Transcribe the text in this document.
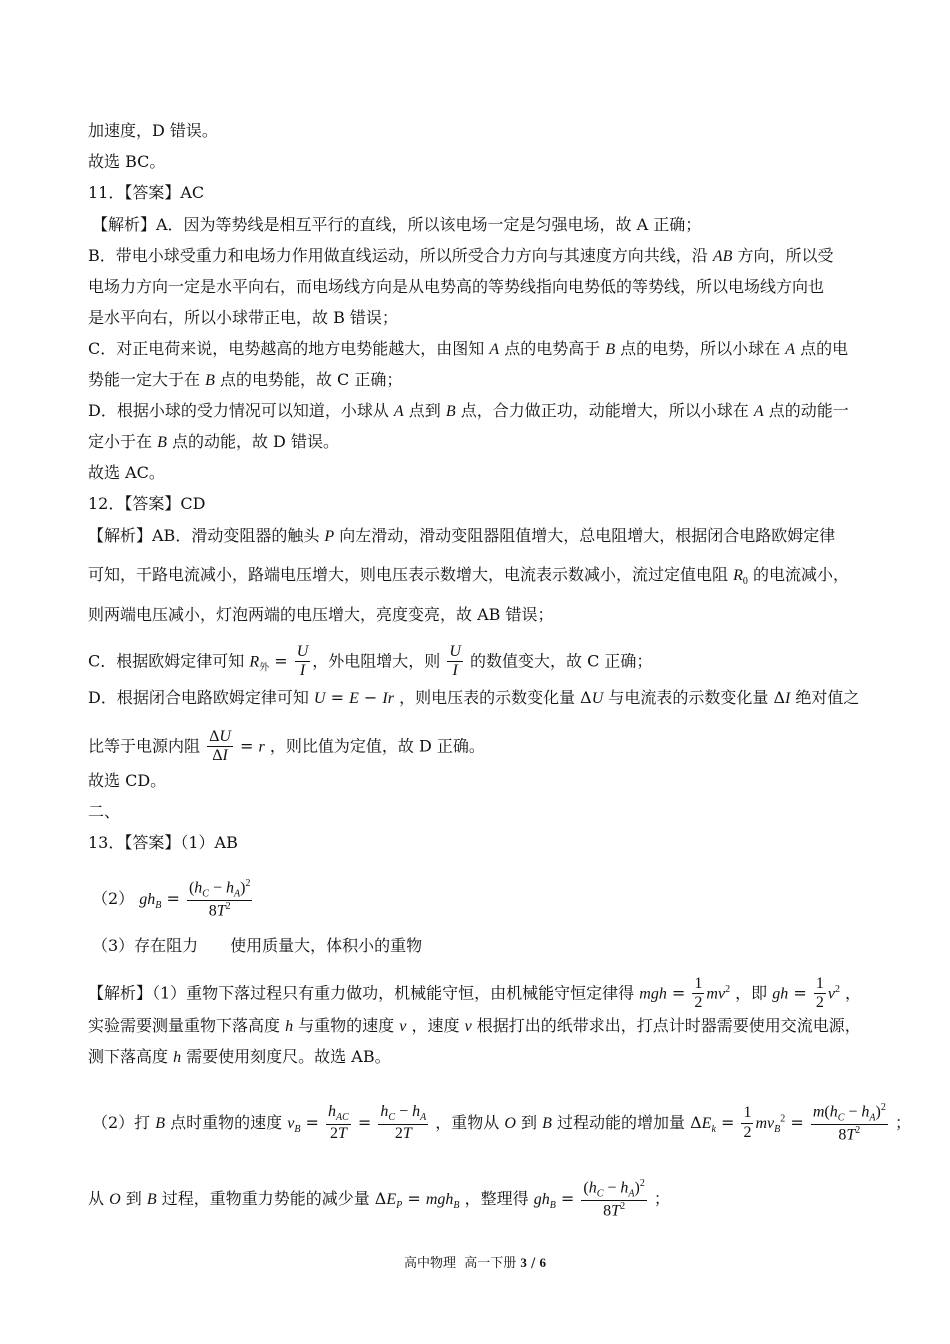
加速度，D 错误。
故选 BC。
11．【答案】AC
【解析】A．因为等势线是相互平行的直线，所以该电场一定是匀强电场，故 A 正确；
B．带电小球受重力和电场力作用做直线运动，所以所受合力方向与其速度方向共线，沿 AB 方向，所以受
电场力方向一定是水平向右，而电场线方向是从电势高的等势线指向电势低的等势线，所以电场线方向也
是水平向右，所以小球带正电，故 B 错误；
C．对正电荷来说，电势越高的地方电势能越大，由图知 A 点的电势高于 B 点的电势，所以小球在 A 点的电
势能一定大于在 B 点的电势能，故 C 正确；
D．根据小球的受力情况可以知道，小球从 A 点到 B 点，合力做正功，动能增大，所以小球在 A 点的动能一
定小于在 B 点的动能，故 D 错误。
故选 AC。
12．【答案】CD
【解析】AB．滑动变阻器的触头 P 向左滑动，滑动变阻器阻值增大，总电阻增大，根据闭合电路欧姆定律
可知，干路电流减小，路端电压增大，则电压表示数增大，电流表示数减小，流过定值电阻 $R_0$ 的电流减小，
则两端电压减小，灯泡两端的电压增大，亮度变亮，故 AB 错误；
C．根据欧姆定律可知 $R_外 = \frac{U}{I}$ ，外电阻增大，则 $\frac{U}{I}$ 的数值变大，故 C 正确；
D．根据闭合电路欧姆定律可知 U = E − Ir ，则电压表的示数变化量 ΔU 与电流表的示数变化量 ΔI 绝对值之
比等于电源内阻 $\frac{\Delta U}{\Delta I} = r$ ，则比值为定值，故 D 正确。
故选 CD。
二、
13．【答案】（1）AB
（2） $gh_B = \frac{(h_C - h_A)^2}{8T^2}$
（3）存在阻力　　使用质量大，体积小的重物
【解析】（1）重物下落过程只有重力做功，机械能守恒，由机械能守恒定律得 mgh = $\frac{1}{2} mv^2$ ，即 gh = $\frac{1}{2} v^2$ ，
实验需要测量重物下落高度 h 与重物的速度 v ，速度 v 根据打出的纸带求出，打点计时器需要使用交流电源，
测下落高度 h 需要使用刻度尺。故选 AB。
（2）打 B 点时重物的速度 $v_B = \frac{h_{AC}}{2T} = \frac{h_C - h_A}{2T}$ ，重物从 O 到 B 过程动能的增加量 $\Delta E_k = \frac{1}{2} mv_B^2 = \frac{m(h_C - h_A)^2}{8T^2}$ ；
从 O 到 B 过程，重物重力势能的减少量 $\Delta E_P = mgh_B$ ，整理得 $gh_B = \frac{(h_C - h_A)^2}{8T^2}$ ；
高中物理 高一下册 3 / 6
